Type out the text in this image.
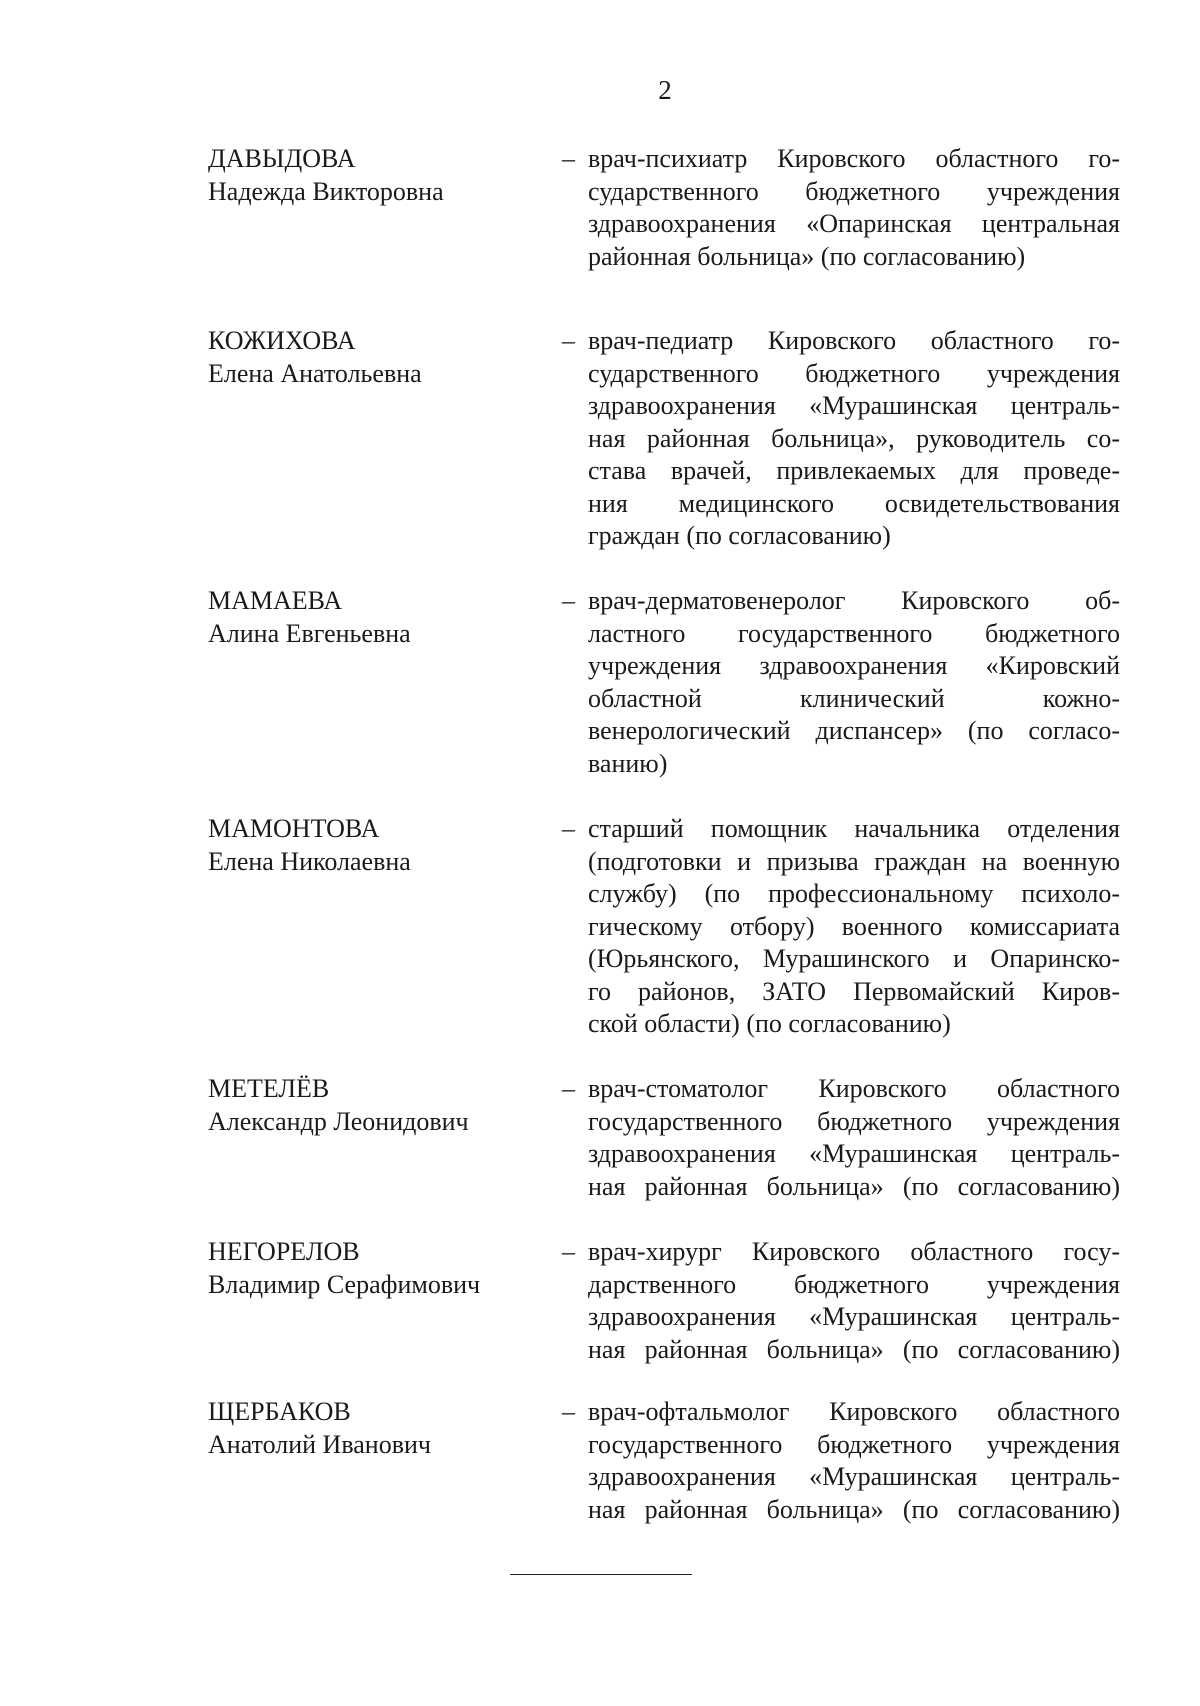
2
ДАВЫДОВА
Надежда Викторовна
– врач-психиатр Кировского областного го-
сударственного бюджетного учреждения
здравоохранения «Опаринская центральная
районная больница» (по согласованию)
КОЖИХОВА
Елена Анатольевна
– врач-педиатр Кировского областного го-
сударственного бюджетного учреждения
здравоохранения «Мурашинская централь-
ная районная больница», руководитель со-
става врачей, привлекаемых для проведе-
ния медицинского освидетельствования
граждан (по согласованию)
МАМАЕВА
Алина Евгеньевна
– врач-дерматовенеролог Кировского об-
ластного государственного бюджетного
учреждения здравоохранения «Кировский
областной клинический кожно-
венерологический диспансер» (по согласо-
ванию)
МАМОНТОВА
Елена Николаевна
– старший помощник начальника отделения
(подготовки и призыва граждан на военную
службу) (по профессиональному психоло-
гическому отбору) военного комиссариата
(Юрьянского, Мурашинского и Опаринско-
го районов, ЗАТО Первомайский Киров-
ской области) (по согласованию)
МЕТЕЛЁВ
Александр Леонидович
– врач-стоматолог Кировского областного
государственного бюджетного учреждения
здравоохранения «Мурашинская централь-
ная районная больница» (по согласованию)
НЕГОРЕЛОВ
Владимир Серафимович
– врач-хирург Кировского областного госу-
дарственного бюджетного учреждения
здравоохранения «Мурашинская централь-
ная районная больница» (по согласованию)
ЩЕРБАКОВ
Анатолий Иванович
– врач-офтальмолог Кировского областного
государственного бюджетного учреждения
здравоохранения «Мурашинская централь-
ная районная больница» (по согласованию)
